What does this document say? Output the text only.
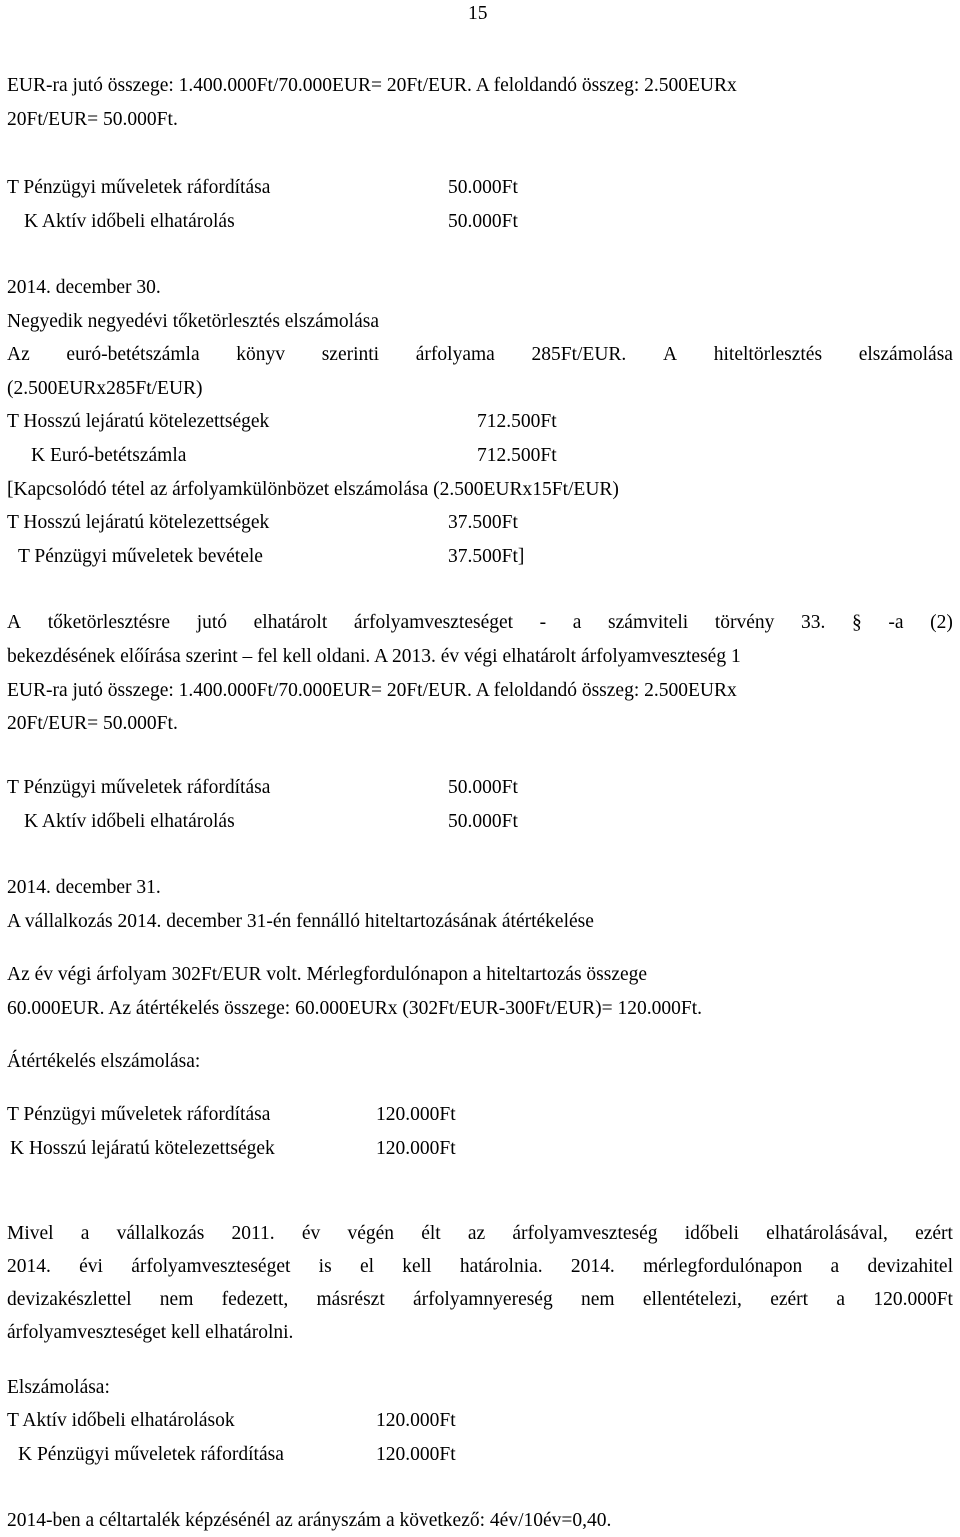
15
EUR-ra jutó összege: 1.400.000Ft/70.000EUR= 20Ft/EUR. A feloldandó összeg: 2.500EURx
20Ft/EUR= 50.000Ft.
T Pénzügyi műveletek ráfordítása	50.000Ft
K Aktív időbeli elhatárolás	50.000Ft
2014. december 30.
Negyedik negyedévi tőketörlesztés elszámolása
(2.500EURx285Ft/EUR)
T Hosszú lejáratú kötelezettségek	712.500Ft
K Euró-betétszámla	712.500Ft
[Kapcsolódó tétel az árfolyamkülönbözet elszámolása (2.500EURx15Ft/EUR)
T Hosszú lejáratú kötelezettségek	37.500Ft
T Pénzügyi műveletek bevétele	37.500Ft]
bekezdésének előírása szerint – fel kell oldani. A 2013. év végi elhatárolt árfolyamveszteség 1
EUR-ra jutó összege: 1.400.000Ft/70.000EUR= 20Ft/EUR. A feloldandó összeg: 2.500EURx
20Ft/EUR= 50.000Ft.
T Pénzügyi műveletek ráfordítása	50.000Ft
K Aktív időbeli elhatárolás	50.000Ft
2014. december 31.
A vállalkozás 2014. december 31-én fennálló hiteltartozásának átértékelése
Az év végi árfolyam 302Ft/EUR volt. Mérlegfordulónapon a hiteltartozás összege
60.000EUR. Az átértékelés összege: 60.000EURx (302Ft/EUR-300Ft/EUR)= 120.000Ft.
Átértékelés elszámolása:
T Pénzügyi műveletek ráfordítása	120.000Ft
K Hosszú lejáratú kötelezettségek	120.000Ft
árfolyamveszteséget kell elhatárolni.
Elszámolása:
T Aktív időbeli elhatárolások	120.000Ft
K Pénzügyi műveletek ráfordítása	120.000Ft
2014-ben a céltartalék képzésénél az arányszám a következő: 4év/10év=0,40.
Az euró-betétszámla könyv szerinti árfolyama 285Ft/EUR. A hiteltörlesztés elszámolása
A tőketörlesztésre jutó elhatárolt árfolyamveszteséget - a számviteli törvény 33. § -a (2)
Mivel a vállalkozás 2011. év végén élt az árfolyamveszteség időbeli elhatárolásával, ezért
2014. évi árfolyamveszteséget is el kell határolnia. 2014. mérlegfordulónapon a devizahitel
devizakészlettel nem fedezett, másrészt árfolyamnyereség nem ellentételezi, ezért a 120.000Ft
